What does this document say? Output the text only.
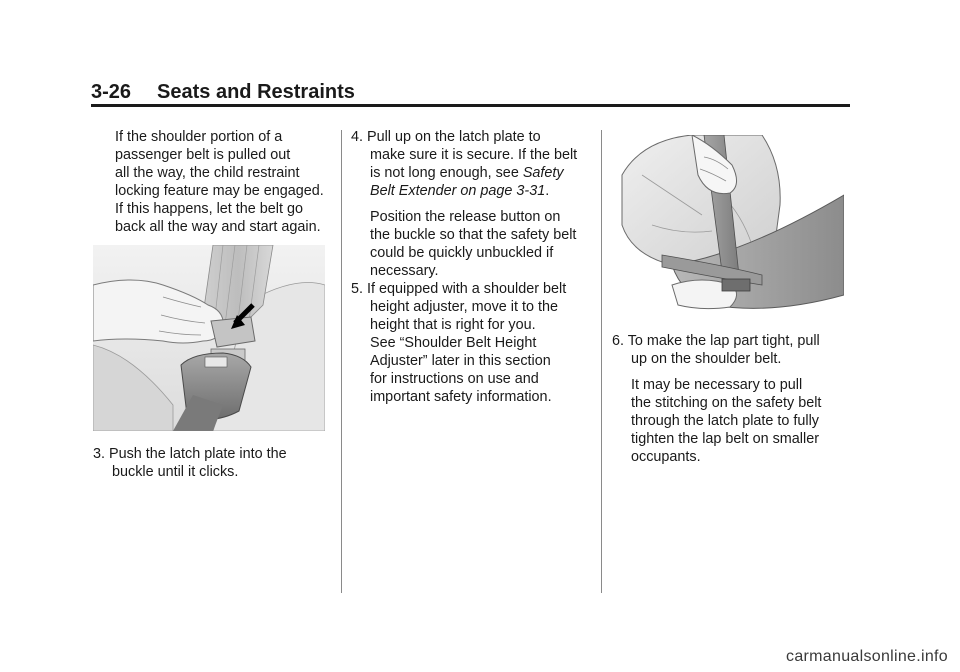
3-26 Seats and Restraints

If the shoulder portion of a

passenger belt is pulled out

all the way, the child restraint

locking feature may be engaged.

If this happens, let the belt go

back all the way and start again.

3. Push the latch plate into the

buckle until it clicks.

4. Pull up on the latch plate to

make sure it is secure. If the belt

is not long enough, see Safety

Belt Extender on page 3-31.

Position the release button on

the buckle so that the safety belt

could be quickly unbuckled if

necessary.

5. If equipped with a shoulder belt

height adjuster, move it to the

height that is right for you.

See “Shoulder Belt Height

Adjuster” later in this section

for instructions on use and

important safety information.

6. To make the lap part tight, pull

up on the shoulder belt.

It may be necessary to pull

the stitching on the safety belt

through the latch plate to fully

tighten the lap belt on smaller

occupants.

carmanualsonline.info
